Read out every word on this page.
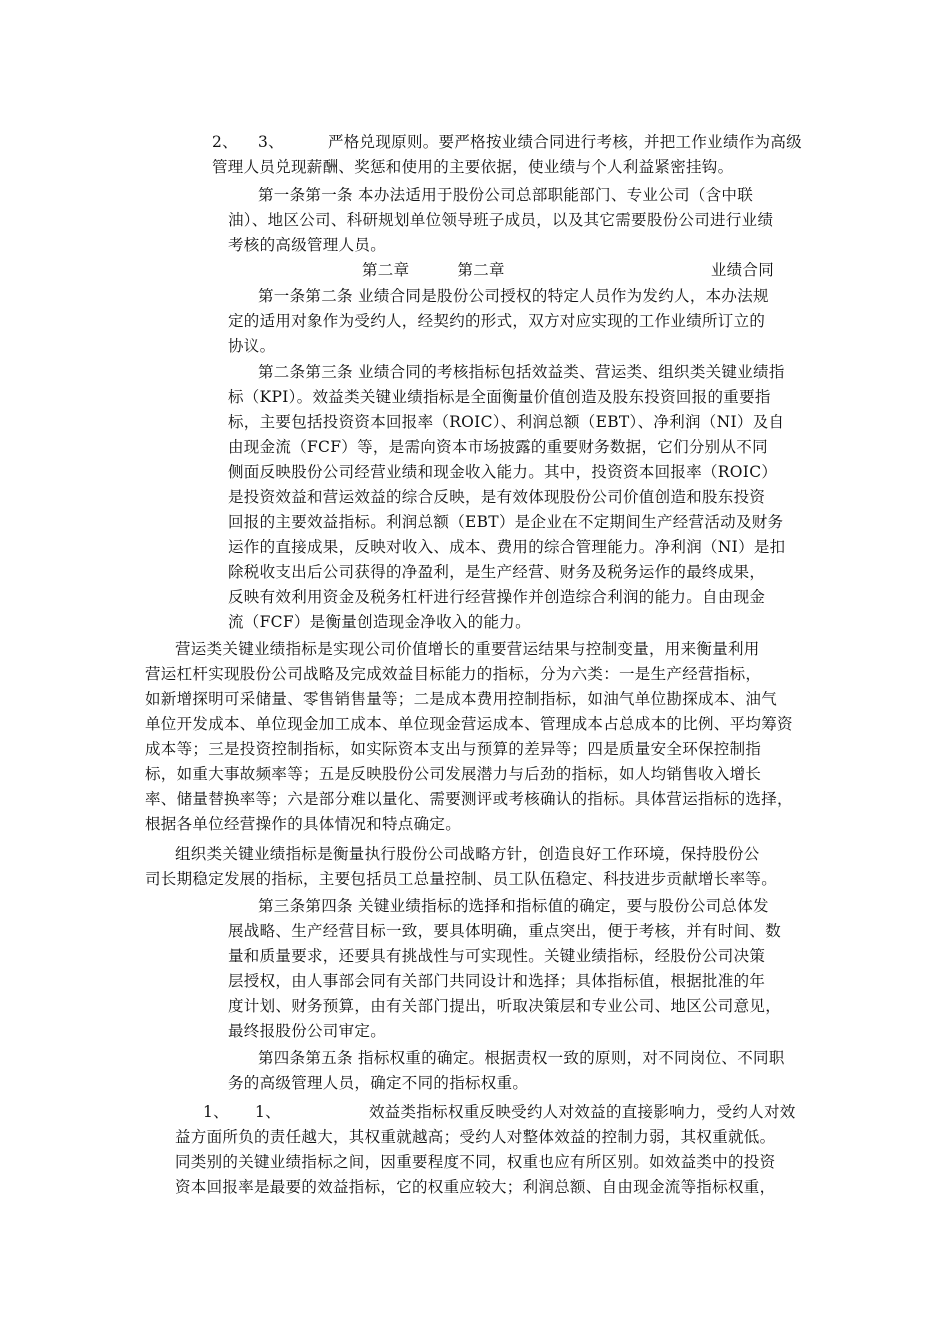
2、 3、	严格兑现原则。要严格按业绩合同进行考核，并把工作业绩作为高级
管理人员兑现薪酬、奖惩和使用的主要依据，使业绩与个人利益紧密挂钩。
第一条第一条 本办法适用于股份公司总部职能部门、专业公司（含中联
油）、地区公司、科研规划单位领导班子成员，以及其它需要股份公司进行业绩
考核的高级管理人员。
第二章	第二章	业绩合同
第一条第二条 业绩合同是股份公司授权的特定人员作为发约人，本办法规
定的适用对象作为受约人，经契约的形式，双方对应实现的工作业绩所订立的
协议。
第二条第三条 业绩合同的考核指标包括效益类、营运类、组织类关键业绩指
标（KPI）。效益类关键业绩指标是全面衡量价值创造及股东投资回报的重要指
标，主要包括投资资本回报率（ROIC）、利润总额（EBT）、净利润（NI）及自
由现金流（FCF）等，是需向资本市场披露的重要财务数据，它们分别从不同
侧面反映股份公司经营业绩和现金收入能力。其中，投资资本回报率（ROIC）
是投资效益和营运效益的综合反映，是有效体现股份公司价值创造和股东投资
回报的主要效益指标。利润总额（EBT）是企业在不定期间生产经营活动及财务
运作的直接成果，反映对收入、成本、费用的综合管理能力。净利润（NI）是扣
除税收支出后公司获得的净盈利，是生产经营、财务及税务运作的最终成果，
反映有效利用资金及税务杠杆进行经营操作并创造综合利润的能力。自由现金
流（FCF）是衡量创造现金净收入的能力。
营运类关键业绩指标是实现公司价值增长的重要营运结果与控制变量，用来衡量利用
营运杠杆实现股份公司战略及完成效益目标能力的指标，分为六类：一是生产经营指标，
如新增探明可采储量、零售销售量等；二是成本费用控制指标，如油气单位勘探成本、油气
单位开发成本、单位现金加工成本、单位现金营运成本、管理成本占总成本的比例、平均筹资
成本等；三是投资控制指标，如实际资本支出与预算的差异等；四是质量安全环保控制指
标，如重大事故频率等；五是反映股份公司发展潜力与后劲的指标，如人均销售收入增长
率、储量替换率等；六是部分难以量化、需要测评或考核确认的指标。具体营运指标的选择，
根据各单位经营操作的具体情况和特点确定。
组织类关键业绩指标是衡量执行股份公司战略方针，创造良好工作环境，保持股份公
司长期稳定发展的指标，主要包括员工总量控制、员工队伍稳定、科技进步贡献增长率等。
第三条第四条 关键业绩指标的选择和指标值的确定，要与股份公司总体发
展战略、生产经营目标一致，要具体明确，重点突出，便于考核，并有时间、数
量和质量要求，还要具有挑战性与可实现性。关键业绩指标，经股份公司决策
层授权，由人事部会同有关部门共同设计和选择；具体指标值，根据批准的年
度计划、财务预算，由有关部门提出，听取决策层和专业公司、地区公司意见，
最终报股份公司审定。
第四条第五条 指标权重的确定。根据责权一致的原则，对不同岗位、不同职
务的高级管理人员，确定不同的指标权重。
1、 1、	效益类指标权重反映受约人对效益的直接影响力，受约人对效
益方面所负的责任越大，其权重就越高；受约人对整体效益的控制力弱，其权重就低。
同类别的关键业绩指标之间，因重要程度不同，权重也应有所区别。如效益类中的投资
资本回报率是最要的效益指标，它的权重应较大；利润总额、自由现金流等指标权重，
